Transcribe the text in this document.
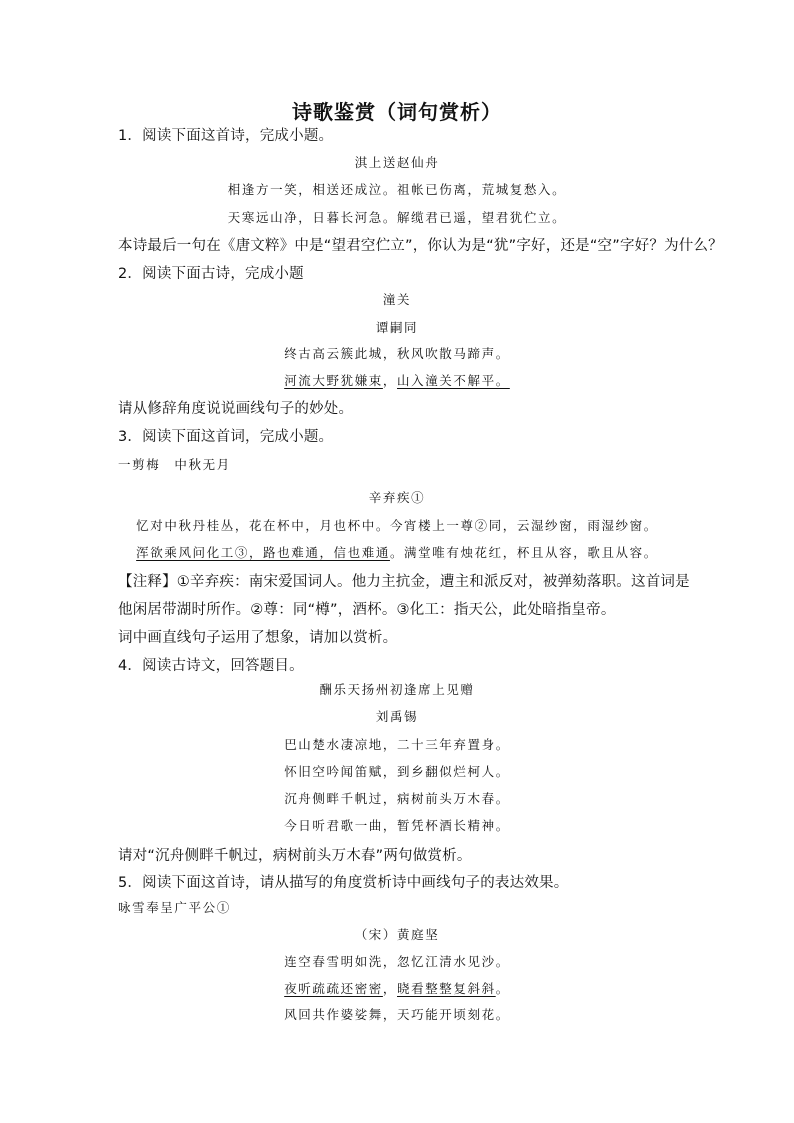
诗歌鉴赏（词句赏析）
1．阅读下面这首诗，完成小题。
淇上送赵仙舟
相逢方一笑，相送还成泣。祖帐已伤离，荒城复愁入。
天寒远山净，日暮长河急。解缆君已遥，望君犹伫立。
本诗最后一句在《唐文粹》中是“望君空伫立”，你认为是“犹”字好，还是“空”字好？为什么？
2．阅读下面古诗，完成小题
潼关
谭嗣同
终古高云簇此城，秋风吹散马蹄声。
河流大野犹嫌束，山入潼关不解平。
请从修辞角度说说画线句子的妙处。
3．阅读下面这首词，完成小题。
一剪梅　中秋无月
辛弃疾①
忆对中秋丹桂丛，花在杯中，月也杯中。今宵楼上一尊②同，云湿纱窗，雨湿纱窗。
浑欲乘风问化工③，路也难通，信也难通。满堂唯有烛花红，杯且从容，歌且从容。
【注释】①辛弃疾：南宋爱国词人。他力主抗金，遭主和派反对，被弹劾落职。这首词是
他闲居带湖时所作。②尊：同“樽”，酒杯。③化工：指天公，此处暗指皇帝。
词中画直线句子运用了想象，请加以赏析。
4．阅读古诗文，回答题目。
酬乐天扬州初逢席上见赠
刘禹锡
巴山楚水凄凉地，二十三年弃置身。
怀旧空吟闻笛赋，到乡翻似烂柯人。
沉舟侧畔千帆过，病树前头万木春。
今日听君歌一曲，暂凭杯酒长精神。
请对“沉舟侧畔千帆过，病树前头万木春”两句做赏析。
5．阅读下面这首诗，请从描写的角度赏析诗中画线句子的表达效果。
咏雪奉呈广平公①
（宋）黄庭坚
连空春雪明如洗，忽忆江清水见沙。
夜听疏疏还密密，晓看整整复斜斜。
风回共作婆娑舞，天巧能开顷刻花。
